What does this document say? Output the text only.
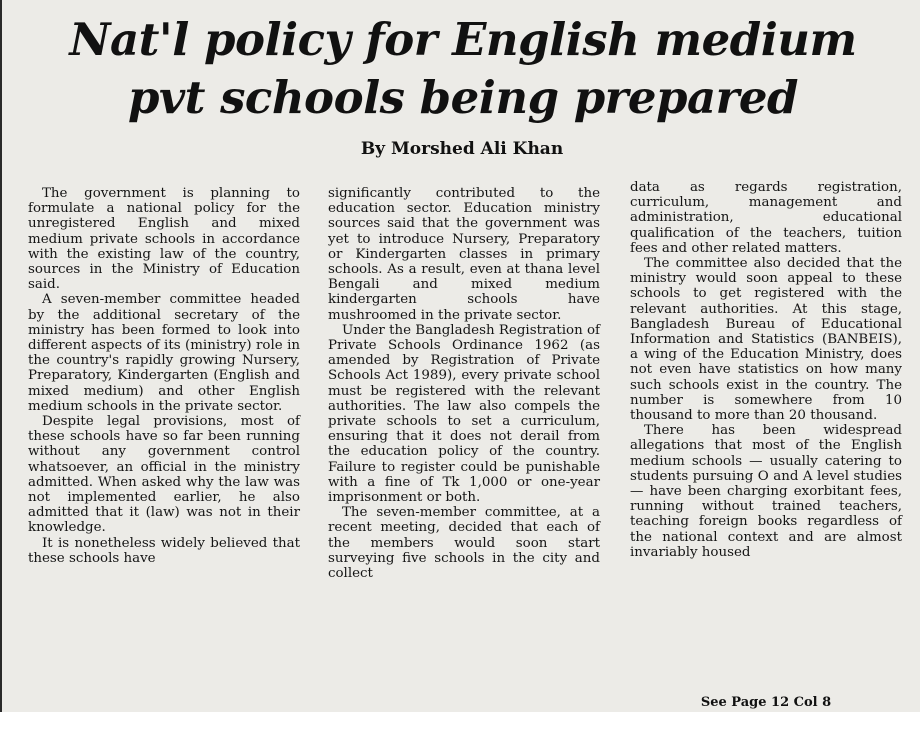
Nat'l policy for English medium
pvt schools being prepared
By Morshed Ali Khan

The government is planning to formulate a national policy for the unregistered English and mixed medium private schools in accordance with the existing law of the country, sources in the Ministry of Education said.

A seven-member committee headed by the additional secretary of the ministry has been formed to look into different aspects of its (ministry) role in the country's rapidly growing Nursery, Preparatory, Kindergarten (English and mixed medium) and other English medium schools in the private sector.

Despite legal provisions, most of these schools have so far been running without any government control whatsoever, an official in the ministry admitted. When asked why the law was not implemented earlier, he also admitted that it (law) was not in their knowledge.

It is nonetheless widely believed that these schools have

significantly contributed to the education sector. Education ministry sources said that the government was yet to introduce Nursery, Preparatory or Kindergarten classes in primary schools. As a result, even at thana level Bengali and mixed medium kindergarten schools have mushroomed in the private sector.

Under the Bangladesh Registration of Private Schools Ordinance 1962 (as amended by Registration of Private Schools Act 1989), every private school must be registered with the relevant authorities. The law also compels the private schools to set a curriculum, ensuring that it does not derail from the education policy of the country. Failure to register could be punishable with a fine of Tk 1,000 or one-year imprisonment or both.

The seven-member committee, at a recent meeting, decided that each of the members would soon start surveying five schools in the city and collect

data as regards registration, curriculum, management and administration, educational qualification of the teachers, tuition fees and other related matters.

The committee also decided that the ministry would soon appeal to these schools to get registered with the relevant authorities. At this stage, Bangladesh Bureau of Educational Information and Statistics (BANBEIS), a wing of the Education Ministry, does not even have statistics on how many such schools exist in the country. The number is somewhere from 10 thousand to more than 20 thousand.

There has been widespread allegations that most of the English medium schools — usually catering to students pursuing O and A level studies — have been charging exorbitant fees, running without trained teachers, teaching foreign books regardless of the national context and are almost invariably housed

See Page 12 Col 8
